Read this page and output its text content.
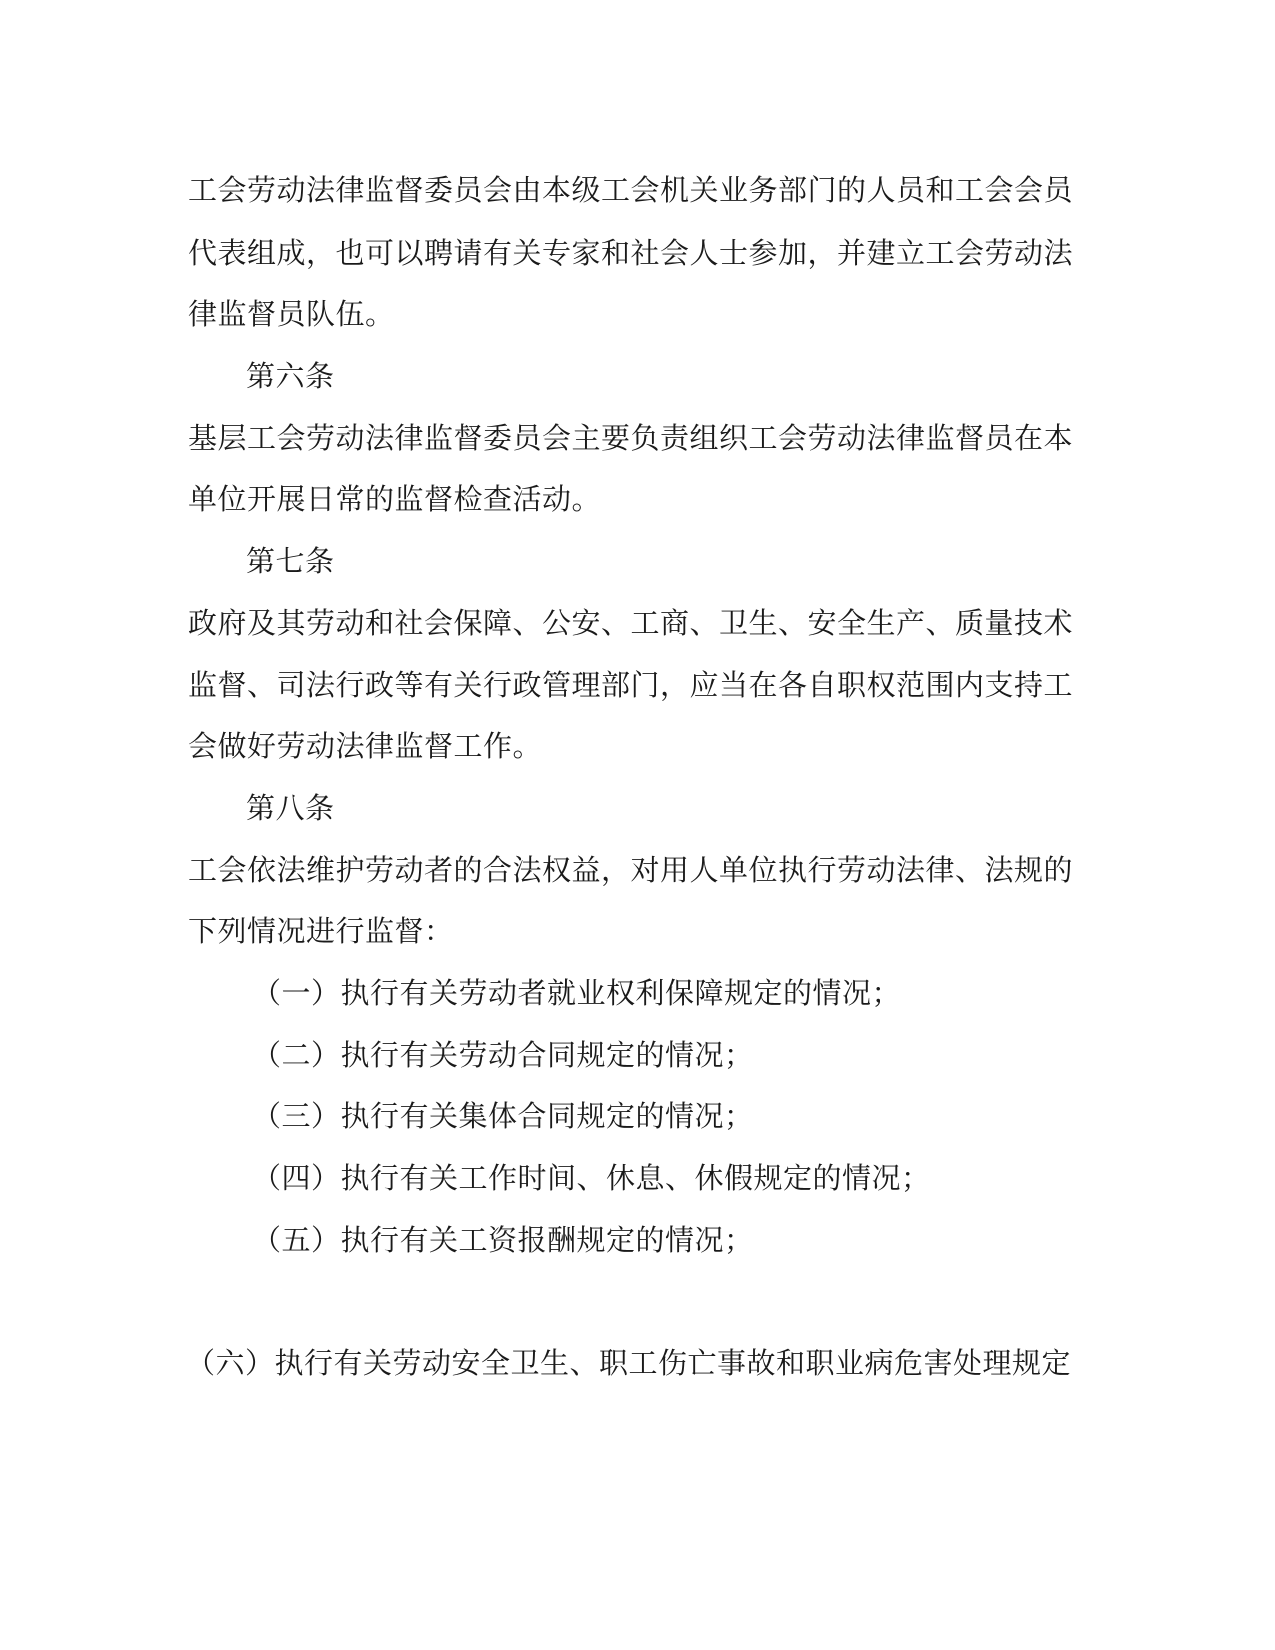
工会劳动法律监督委员会由本级工会机关业务部门的人员和工会会员
代表组成，也可以聘请有关专家和社会人士参加，并建立工会劳动法
律监督员队伍。
第六条
基层工会劳动法律监督委员会主要负责组织工会劳动法律监督员在本
单位开展日常的监督检查活动。
第七条
政府及其劳动和社会保障、公安、工商、卫生、安全生产、质量技术
监督、司法行政等有关行政管理部门，应当在各自职权范围内支持工
会做好劳动法律监督工作。
第八条
工会依法维护劳动者的合法权益，对用人单位执行劳动法律、法规的
下列情况进行监督：
（一）执行有关劳动者就业权利保障规定的情况；
（二）执行有关劳动合同规定的情况；
（三）执行有关集体合同规定的情况；
（四）执行有关工作时间、休息、休假规定的情况；
（五）执行有关工资报酬规定的情况；
（六）执行有关劳动安全卫生、职工伤亡事故和职业病危害处理规定
